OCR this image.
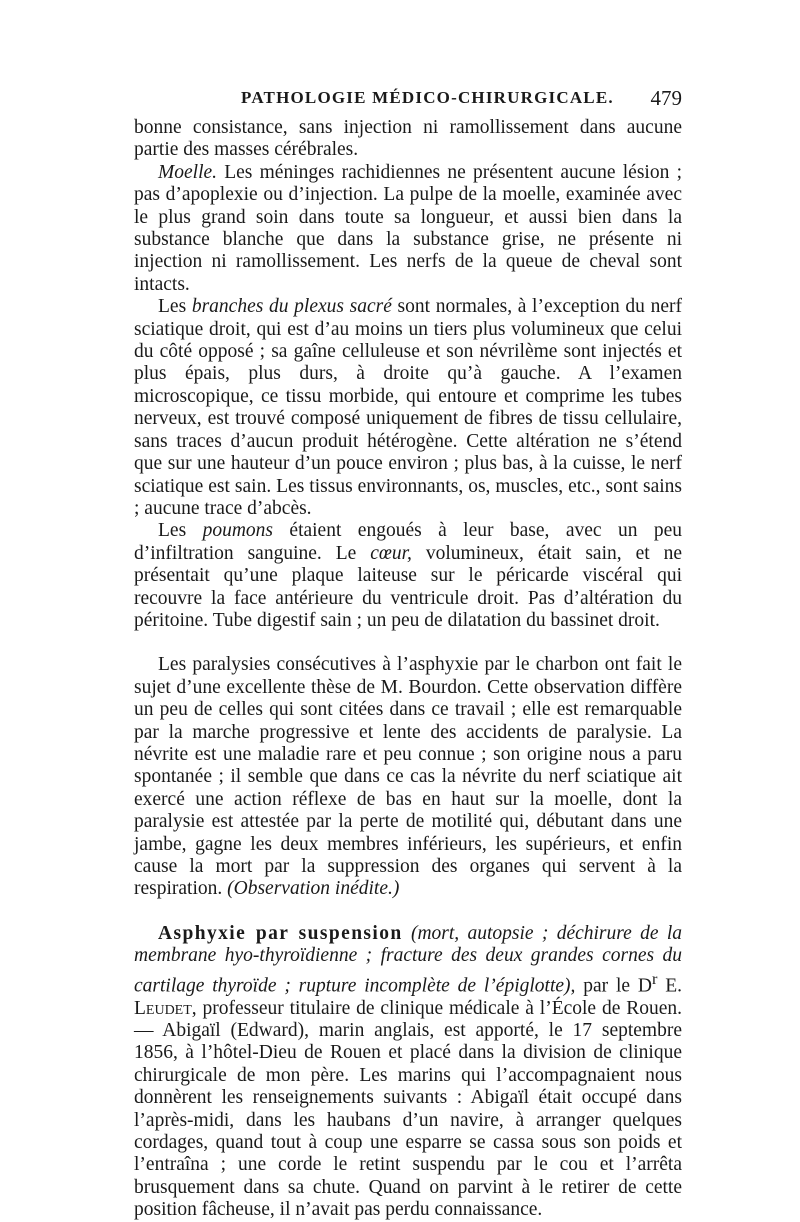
PATHOLOGIE MÉDICO-CHIRURGICALE. 479

bonne consistance, sans injection ni ramollissement dans aucune partie des masses cérébrales.

Moelle. Les méninges rachidiennes ne présentent aucune lésion ; pas d’apoplexie ou d’injection. La pulpe de la moelle, examinée avec le plus grand soin dans toute sa longueur, et aussi bien dans la substance blanche que dans la substance grise, ne présente ni injection ni ramollissement. Les nerfs de la queue de cheval sont intacts.

Les branches du plexus sacré sont normales, à l’exception du nerf sciatique droit, qui est d’au moins un tiers plus volumineux que celui du côté opposé ; sa gaîne celluleuse et son névrilème sont injectés et plus épais, plus durs, à droite qu’à gauche. A l’examen microscopique, ce tissu morbide, qui entoure et comprime les tubes nerveux, est trouvé composé uniquement de fibres de tissu cellulaire, sans traces d’aucun produit hétérogène. Cette altération ne s’étend que sur une hauteur d’un pouce environ ; plus bas, à la cuisse, le nerf sciatique est sain. Les tissus environnants, os, muscles, etc., sont sains ; aucune trace d’abcès.

Les poumons étaient engoués à leur base, avec un peu d’infiltration sanguine. Le cœur, volumineux, était sain, et ne présentait qu’une plaque laiteuse sur le péricarde viscéral qui recouvre la face antérieure du ventricule droit. Pas d’altération du péritoine. Tube digestif sain ; un peu de dilatation du bassinet droit.

Les paralysies consécutives à l’asphyxie par le charbon ont fait le sujet d’une excellente thèse de M. Bourdon. Cette observation diffère un peu de celles qui sont citées dans ce travail ; elle est remarquable par la marche progressive et lente des accidents de paralysie. La névrite est une maladie rare et peu connue ; son origine nous a paru spontanée ; il semble que dans ce cas la névrite du nerf sciatique ait exercé une action réflexe de bas en haut sur la moelle, dont la paralysie est attestée par la perte de motilité qui, débutant dans une jambe, gagne les deux membres inférieurs, les supérieurs, et enfin cause la mort par la suppression des organes qui servent à la respiration. (Observation inédite.)

Asphyxie par suspension (mort, autopsie ; déchirure de la membrane hyo-thyroïdienne ; fracture des deux grandes cornes du cartilage thyroïde ; rupture incomplète de l’épiglotte), par le $D^r$ E. Leudet, professeur titulaire de clinique médicale à l’École de Rouen. — Abigaïl (Edward), marin anglais, est apporté, le 17 septembre 1856, à l’hôtel-Dieu de Rouen et placé dans la division de clinique chirurgicale de mon père. Les marins qui l’accompagnaient nous donnèrent les renseignements suivants : Abigaïl était occupé dans l’après-midi, dans les haubans d’un navire, à arranger quelques cordages, quand tout à coup une esparre se cassa sous son poids et l’entraîna ; une corde le retint suspendu par le cou et l’arrêta brusquement dans sa chute. Quand on parvint à le retirer de cette position fâcheuse, il n’avait pas perdu connaissance.
